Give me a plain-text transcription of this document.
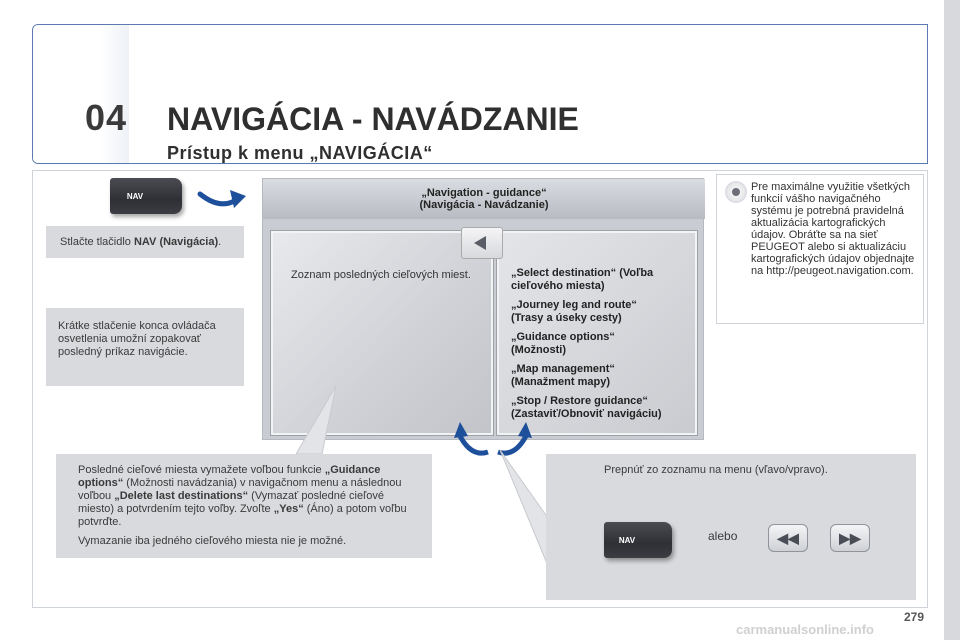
04 NAVIGÁCIA - NAVÁDZANIE
Prístup k menu „NAVIGÁCIA“
NAV
Stlačte tlačidlo NAV (Navigácia).
Krátke stlačenie konca ovládača osvetlenia umožní zopakovať posledný príkaz navigácie.
„Navigation - guidance“
(Navigácia - Navádzanie)
Zoznam posledných cieľových miest.	„Select destination“ (Voľba
cieľového miesta)
„Journey leg and route“
(Trasy a úseky cesty)
„Guidance options“
(Možnosti)
„Map management“
(Manažment mapy)
„Stop / Restore guidance“
(Zastaviť/Obnoviť navigáciu)
Pre maximálne využitie všetkých funkcií vášho navigačného systému je potrebná pravidelná aktualizácia kartografických údajov. Obráťte sa na sieť PEUGEOT alebo si aktualizáciu kartografických údajov objednajte na http://peugeot.navigation.com.

Posledné cieľové miesta vymažete voľbou funkcie „Guidance options“ (Možnosti navádzania) v navigačnom menu a následnou voľbou „Delete last destinations“ (Vymazať posledné cieľové miesto) a potvrdením tejto voľby. Zvoľte „Yes“ (Áno) a potom voľbu potvrďte.

Vymazanie iba jedného cieľového miesta nie je možné.

Prepnúť zo zoznamu na menu (vľavo/vpravo).
NAV	alebo	◀◀	▶▶
279
carmanualsonline.info
